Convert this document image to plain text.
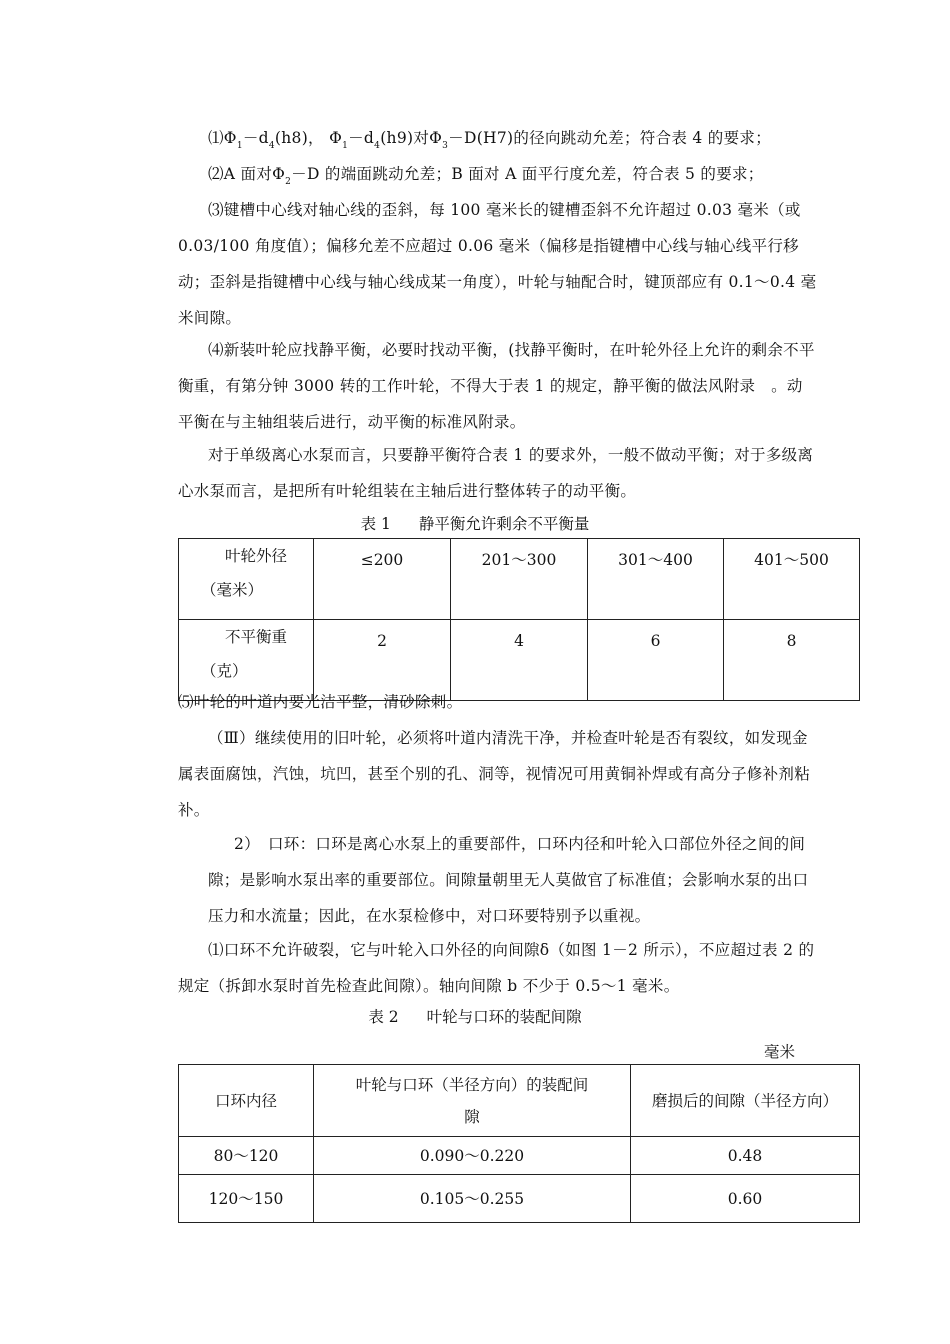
$⑴\Phi_1-d_4(h8)$， $\Phi_1-d_4(h9)$对$\Phi_3-D(H7)$的径向跳动允差；符合表 4 的要求；

⑵A 面对$\Phi_2-D$ 的端面跳动允差；B 面对 A 面平行度允差，符合表 5 的要求；

⑶键槽中心线对轴心线的歪斜，每 100 毫米长的键槽歪斜不允许超过 0.03 毫米（或 0.03/100 角度值）；偏移允差不应超过 0.06 毫米（偏移是指键槽中心线与轴心线平行移动；歪斜是指键槽中心线与轴心线成某一角度），叶轮与轴配合时，键顶部应有 0.1～0.4 毫米间隙。

⑷新装叶轮应找静平衡，必要时找动平衡，(找静平衡时，在叶轮外径上允许的剩余不平衡重，有第分钟 3000 转的工作叶轮，不得大于表 1 的规定，静平衡的做法风附录　。动平衡在与主轴组装后进行，动平衡的标准风附录。

对于单级离心水泵而言，只要静平衡符合表 1 的要求外，一般不做动平衡；对于多级离心水泵而言，是把所有叶轮组装在主轴后进行整体转子的动平衡。

表 1 静平衡允许剩余不平衡量
叶轮外径
（毫米）	≤200	201～300	301～400	401～500

不平衡重
（克）	2	4	6	8

⑸叶轮的叶道内要光洁平整，清砂除刺。

（Ⅲ）继续使用的旧叶轮，必须将叶道内清洗干净，并检查叶轮是否有裂纹，如发现金属表面腐蚀，汽蚀，坑凹，甚至个别的孔、洞等，视情况可用黄铜补焊或有高分子修补剂粘补。

2）　口环：口环是离心水泵上的重要部件，口环内径和叶轮入口部位外径之间的间隙；是影响水泵出率的重要部位。间隙量朝里无人莫做官了标准值；会影响水泵的出口压力和水流量；因此，在水泵检修中，对口环要特别予以重视。

⑴口环不允许破裂，它与叶轮入口外径的向间隙δ（如图 1－2 所示），不应超过表 2 的规定（拆卸水泵时首先检查此间隙）。轴向间隙 b 不少于 0.5～1 毫米。

表 2 叶轮与口环的装配间隙
毫米
口环内径	叶轮与口环（半径方向）的装配间隙	磨损后的间隙（半径方向）
80～120	0.090～0.220	0.48
120～150	0.105～0.255	0.60
